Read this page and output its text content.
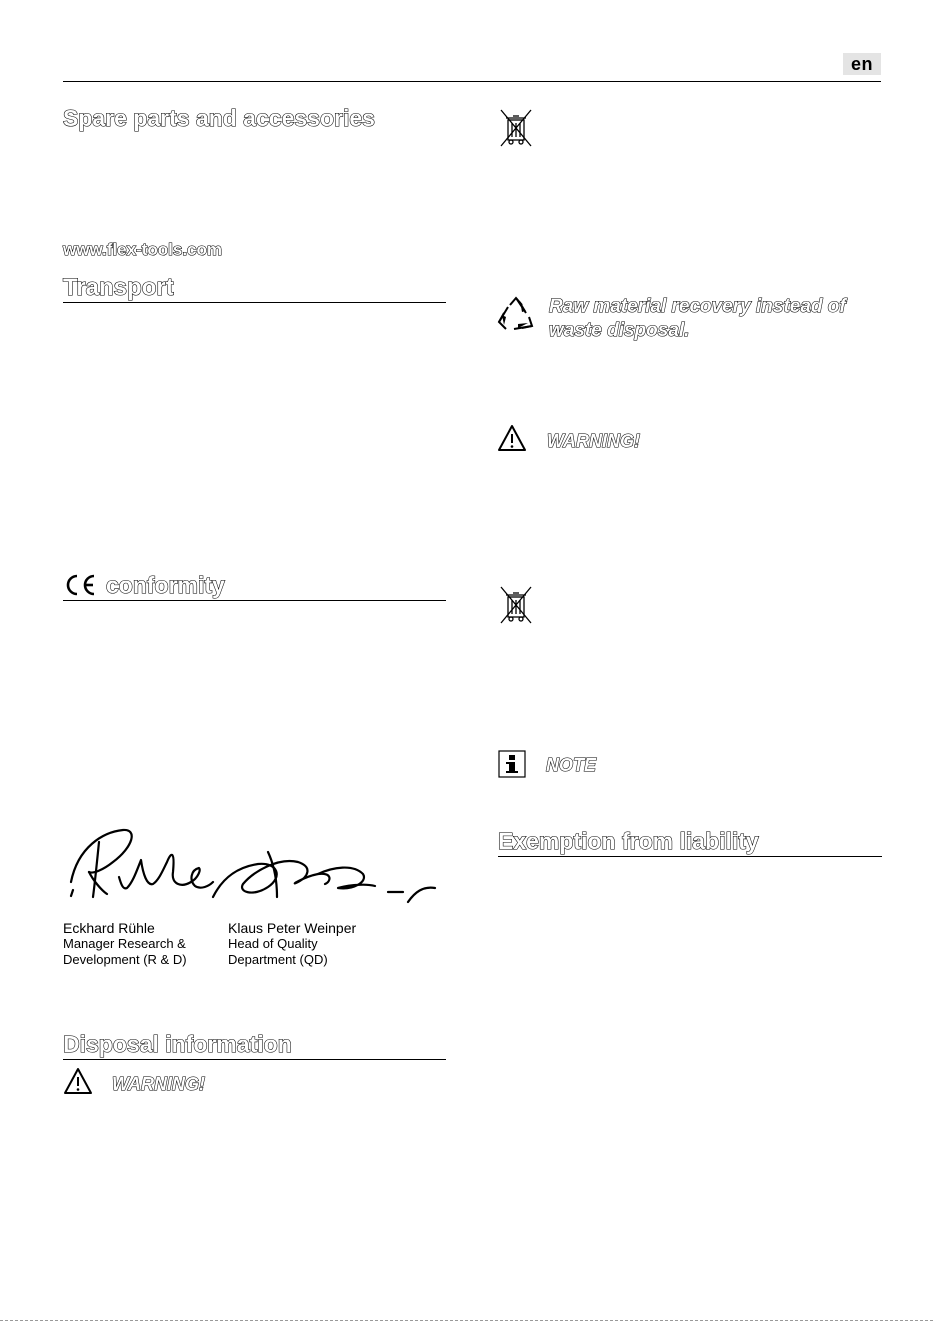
en
Spare parts and accessories
www.flex-tools.com
Transport
conformity
Eckhard Rühle
Manager Research &
Development (R & D)
Klaus Peter Weinper
Head of Quality
Department (QD)
Disposal information
WARNING!
Raw material recovery instead of
waste disposal.
WARNING!
NOTE
Exemption from liability
